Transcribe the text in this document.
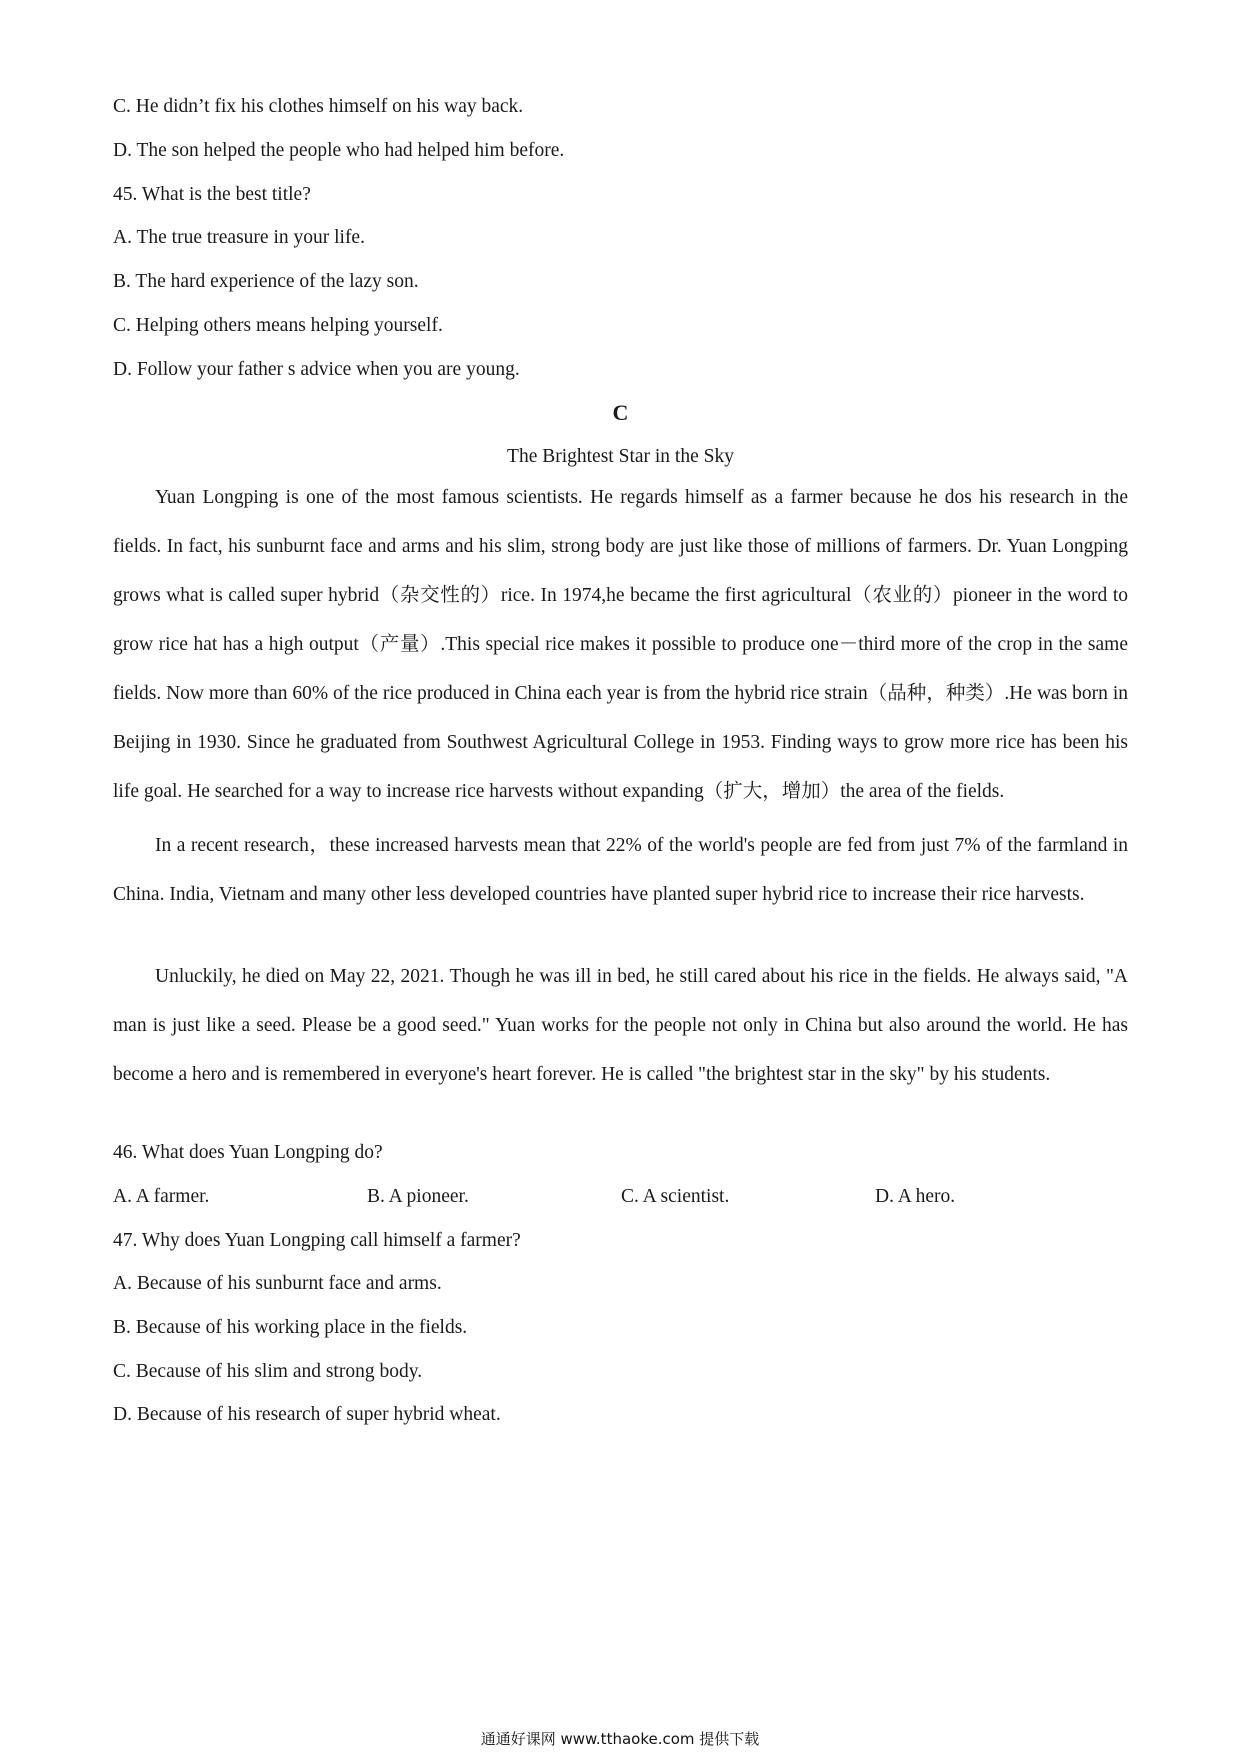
C. He didn’t fix his clothes himself on his way back.
D. The son helped the people who had helped him before.
45. What is the best title?
A. The true treasure in your life.
B. The hard experience of the lazy son.
C. Helping others means helping yourself.
D. Follow your father s advice when you are young.
C
The Brightest Star in the Sky
Yuan Longping is one of the most famous scientists. He regards himself as a farmer because he dos his research in the fields. In fact, his sunburnt face and arms and his slim, strong body are just like those of millions of farmers. Dr. Yuan Longping grows what is called super hybrid（杂交性的）rice. In 1974,he became the first agricultural（农业的）pioneer in the word to grow rice hat has a high output（产量）.This special rice makes it possible to produce one－third more of the crop in the same fields. Now more than 60% of the rice produced in China each year is from the hybrid rice strain（品种，种类）.He was born in Beijing in 1930. Since he graduated from Southwest Agricultural College in 1953. Finding ways to grow more rice has been his life goal. He searched for a way to increase rice harvests without expanding（扩大，增加）the area of the fields.
In a recent research，these increased harvests mean that 22% of the world's people are fed from just 7% of the farmland in China. India, Vietnam and many other less developed countries have planted super hybrid rice to increase their rice harvests.
Unluckily, he died on May 22, 2021. Though he was ill in bed, he still cared about his rice in the fields. He always said, "A man is just like a seed. Please be a good seed." Yuan works for the people not only in China but also around the world. He has become a hero and is remembered in everyone's heart forever. He is called "the brightest star in the sky" by his students.
46. What does Yuan Longping do?
A. A farmer.	B. A pioneer.	C. A scientist.	D. A hero.
47. Why does Yuan Longping call himself a farmer?
A. Because of his sunburnt face and arms.
B. Because of his working place in the fields.
C. Because of his slim and strong body.
D. Because of his research of super hybrid wheat.
通通好课网 www.tthaoke.com 提供下载
